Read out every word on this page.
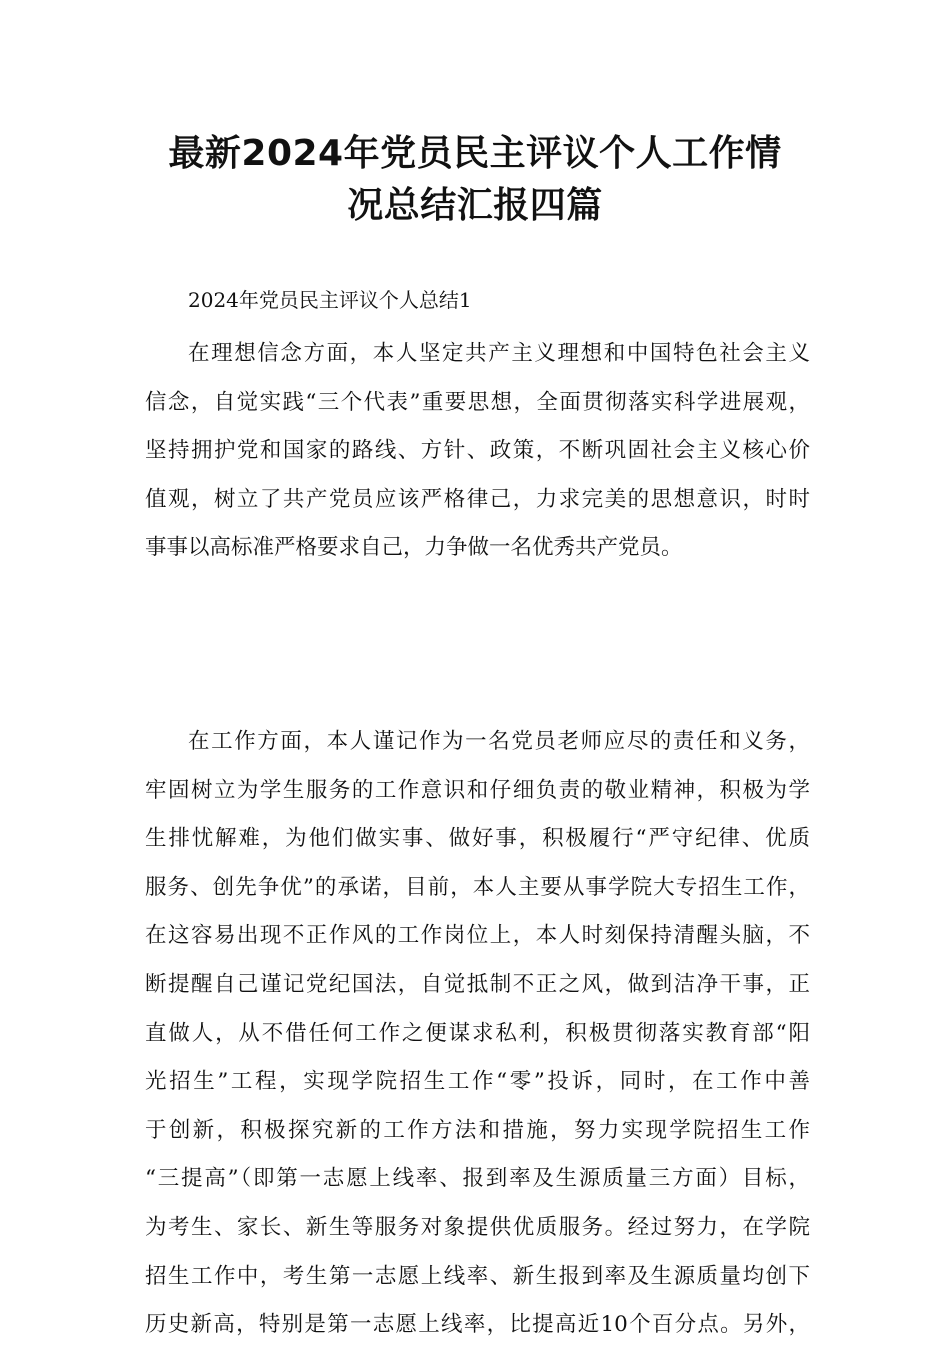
最新2024年党员民主评议个人工作情
况总结汇报四篇
2024年党员民主评议个人总结1

在理想信念方面，本人坚定共产主义理想和中国特色社会主义
信念，自觉实践“三个代表”重要思想，全面贯彻落实科学进展观，
坚持拥护党和国家的路线、方针、政策，不断巩固社会主义核心价
值观，树立了共产党员应该严格律己，力求完美的思想意识，时时
事事以高标准严格要求自己，力争做一名优秀共产党员。

在工作方面，本人谨记作为一名党员老师应尽的责任和义务，
牢固树立为学生服务的工作意识和仔细负责的敬业精神，积极为学
生排忧解难，为他们做实事、做好事，积极履行“严守纪律、优质
服务、创先争优”的承诺，目前，本人主要从事学院大专招生工作，
在这容易出现不正作风的工作岗位上，本人时刻保持清醒头脑，不
断提醒自己谨记党纪国法，自觉抵制不正之风，做到洁净干事，正
直做人，从不借任何工作之便谋求私利，积极贯彻落实教育部“阳
光招生”工程，实现学院招生工作“零”投诉，同时，在工作中善
于创新，积极探究新的工作方法和措施，努力实现学院招生工作
“三提高”（即第一志愿上线率、报到率及生源质量三方面）目标，
为考生、家长、新生等服务对象提供优质服务。经过努力，在学院
招生工作中，考生第一志愿上线率、新生报到率及生源质量均创下
历史新高，特别是第一志愿上线率，比提高近10个百分点。另外，
